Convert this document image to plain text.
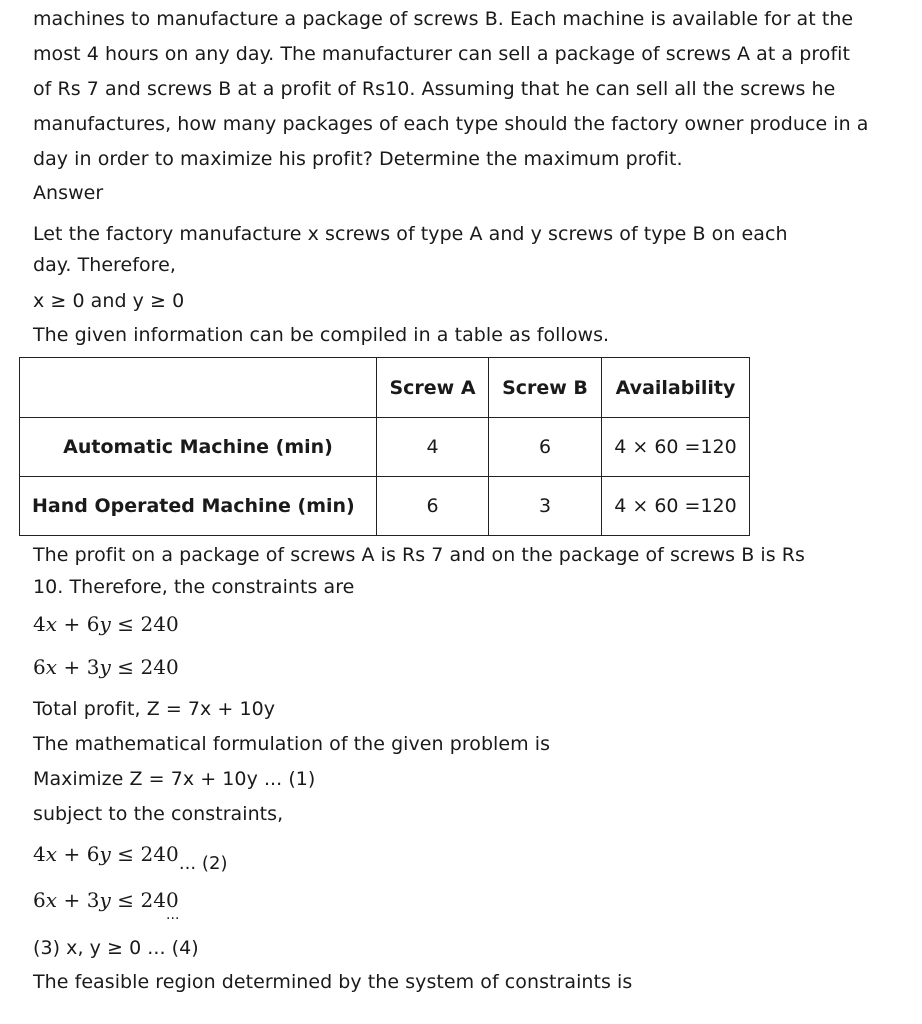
machines to manufacture a package of screws B. Each machine is available for at the
most 4 hours on any day. The manufacturer can sell a package of screws A at a profit
of Rs 7 and screws B at a profit of Rs10. Assuming that he can sell all the screws he
manufactures, how many packages of each type should the factory owner produce in a
day in order to maximize his profit? Determine the maximum profit.
Answer
Let the factory manufacture x screws of type A and y screws of type B on each
day. Therefore,
x ≥ 0 and y ≥ 0
The given information can be compiled in a table as follows.
	Screw A	Screw B	Availability
Automatic Machine (min)	4	6	4 × 60 =120
Hand Operated Machine (min)	6	3	4 × 60 =120
The profit on a package of screws A is Rs 7 and on the package of screws B is Rs
10. Therefore, the constraints are
4x + 6y ≤ 240
6x + 3y ≤ 240
Total profit, Z = 7x + 10y
The mathematical formulation of the given problem is
Maximize Z = 7x + 10y ... (1)
subject to the constraints,
4x + 6y ≤ 240... (2)
6x + 3y ≤ 240
...
(3) x, y ≥ 0 ... (4)
The feasible region determined by the system of constraints is
